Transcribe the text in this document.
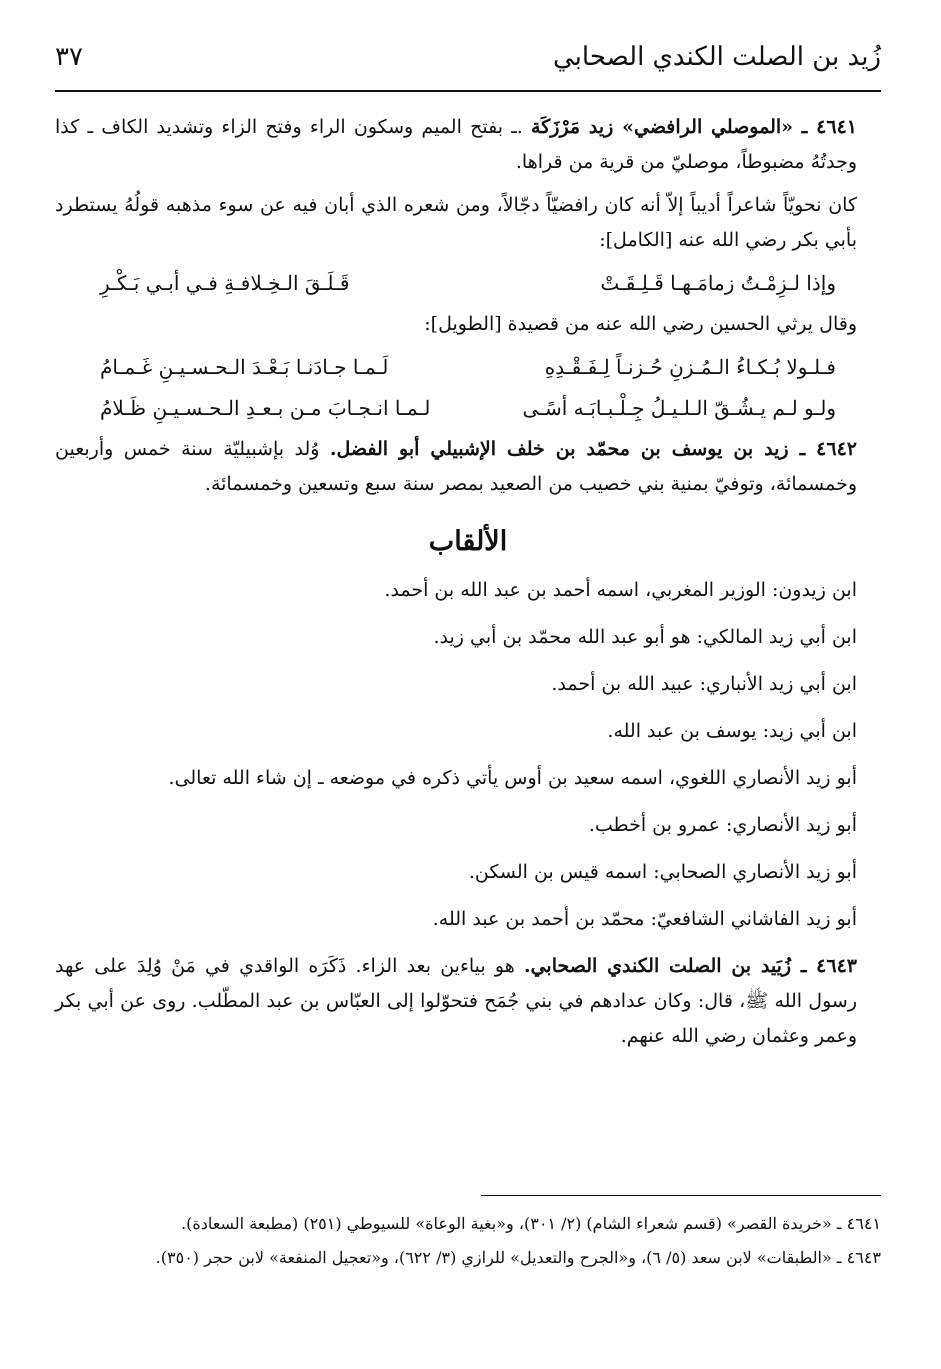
٣٧	زُيد بن الصلت الكندي الصحابي

٤٦٤١ ـ «الموصلي الرافضي» زيد مَرْزَكَة .ـ بفتح الميم وسكون الراء وفتح الزاء وتشديد الكاف ـ كذا وجدتُهُ مضبوطاً، موصليّ من قرية من قراها.

كان نحويّاً شاعراً أديباً إلاّ أنه كان رافضيّاً دجّالاً، ومن شعره الذي أبان فيه عن سوء مذهبه قولُهُ يستطرد بأبي بكر رضي الله عنه [الكامل]:

وإذا لـزِمْـتُ زمامَـهـا قَـلِـقَـتْ
قَـلَـقَ الـخِـلافـةِ فـي أبـي بَـكْـرِ

وقال يرثي الحسين رضي الله عنه من قصيدة [الطويل]:

فـلـولا بُـكـاءُ الـمُـزنِ حُـزنـاً لِـفَـقْـدِهِ
لَـمـا جـادَنـا بَـعْـدَ الـحـسـيـنِ غَـمـامُ
ولـو لـم يـشُـقّ الـلـيـلُ جِـلْـبـابَـه أسًـى
لـمـا انـجـابَ مـن بـعـدِ الـحـسـيـنِ ظَـلامُ

٤٦٤٢ ـ زيد بن يوسف بن محمّد بن خلف الإشبيلي أبو الفضل. وُلد بإشبيليّة سنة خمس وأربعين وخمسمائة، وتوفيّ بمنية بني خصيب من الصعيد بمصر سنة سبع وتسعين وخمسمائة.

الألقاب

ابن زيدون: الوزير المغربي، اسمه أحمد بن عبد الله بن أحمد.

ابن أبي زيد المالكي: هو أبو عبد الله محمّد بن أبي زيد.

ابن أبي زيد الأنباري: عبيد الله بن أحمد.

ابن أبي زيد: يوسف بن عبد الله.

أبو زيد الأنصاري اللغوي، اسمه سعيد بن أوس يأتي ذكره في موضعه ـ إن شاء الله تعالى.

أبو زيد الأنصاري: عمرو بن أخطب.

أبو زيد الأنصاري الصحابي: اسمه قيس بن السكن.

أبو زيد الفاشاني الشافعيّ: محمّد بن أحمد بن عبد الله.

٤٦٤٣ ـ زُيَيد بن الصلت الكندي الصحابي. هو بياءين بعد الزاء. ذَكَرَه الواقدي في مَنْ وُلِدَ على عهد رسول الله ﷺ، قال: وكان عدادهم في بني جُمَح فتحوّلوا إلى العبّاس بن عبد المطّلب. روى عن أبي بكر وعمر وعثمان رضي الله عنهم.

٤٦٤١ ـ «خريدة القصر» (قسم شعراء الشام) (٢/ ٣٠١)، و«بغية الوعاة» للسيوطي (٢٥١) (مطبعة السعادة).

٤٦٤٣ ـ «الطبقات» لابن سعد (٥/ ٦)، و«الجرح والتعديل» للرازي (٣/ ٦٢٢)، و«تعجيل المنفعة» لابن حجر (٣٥٠).
